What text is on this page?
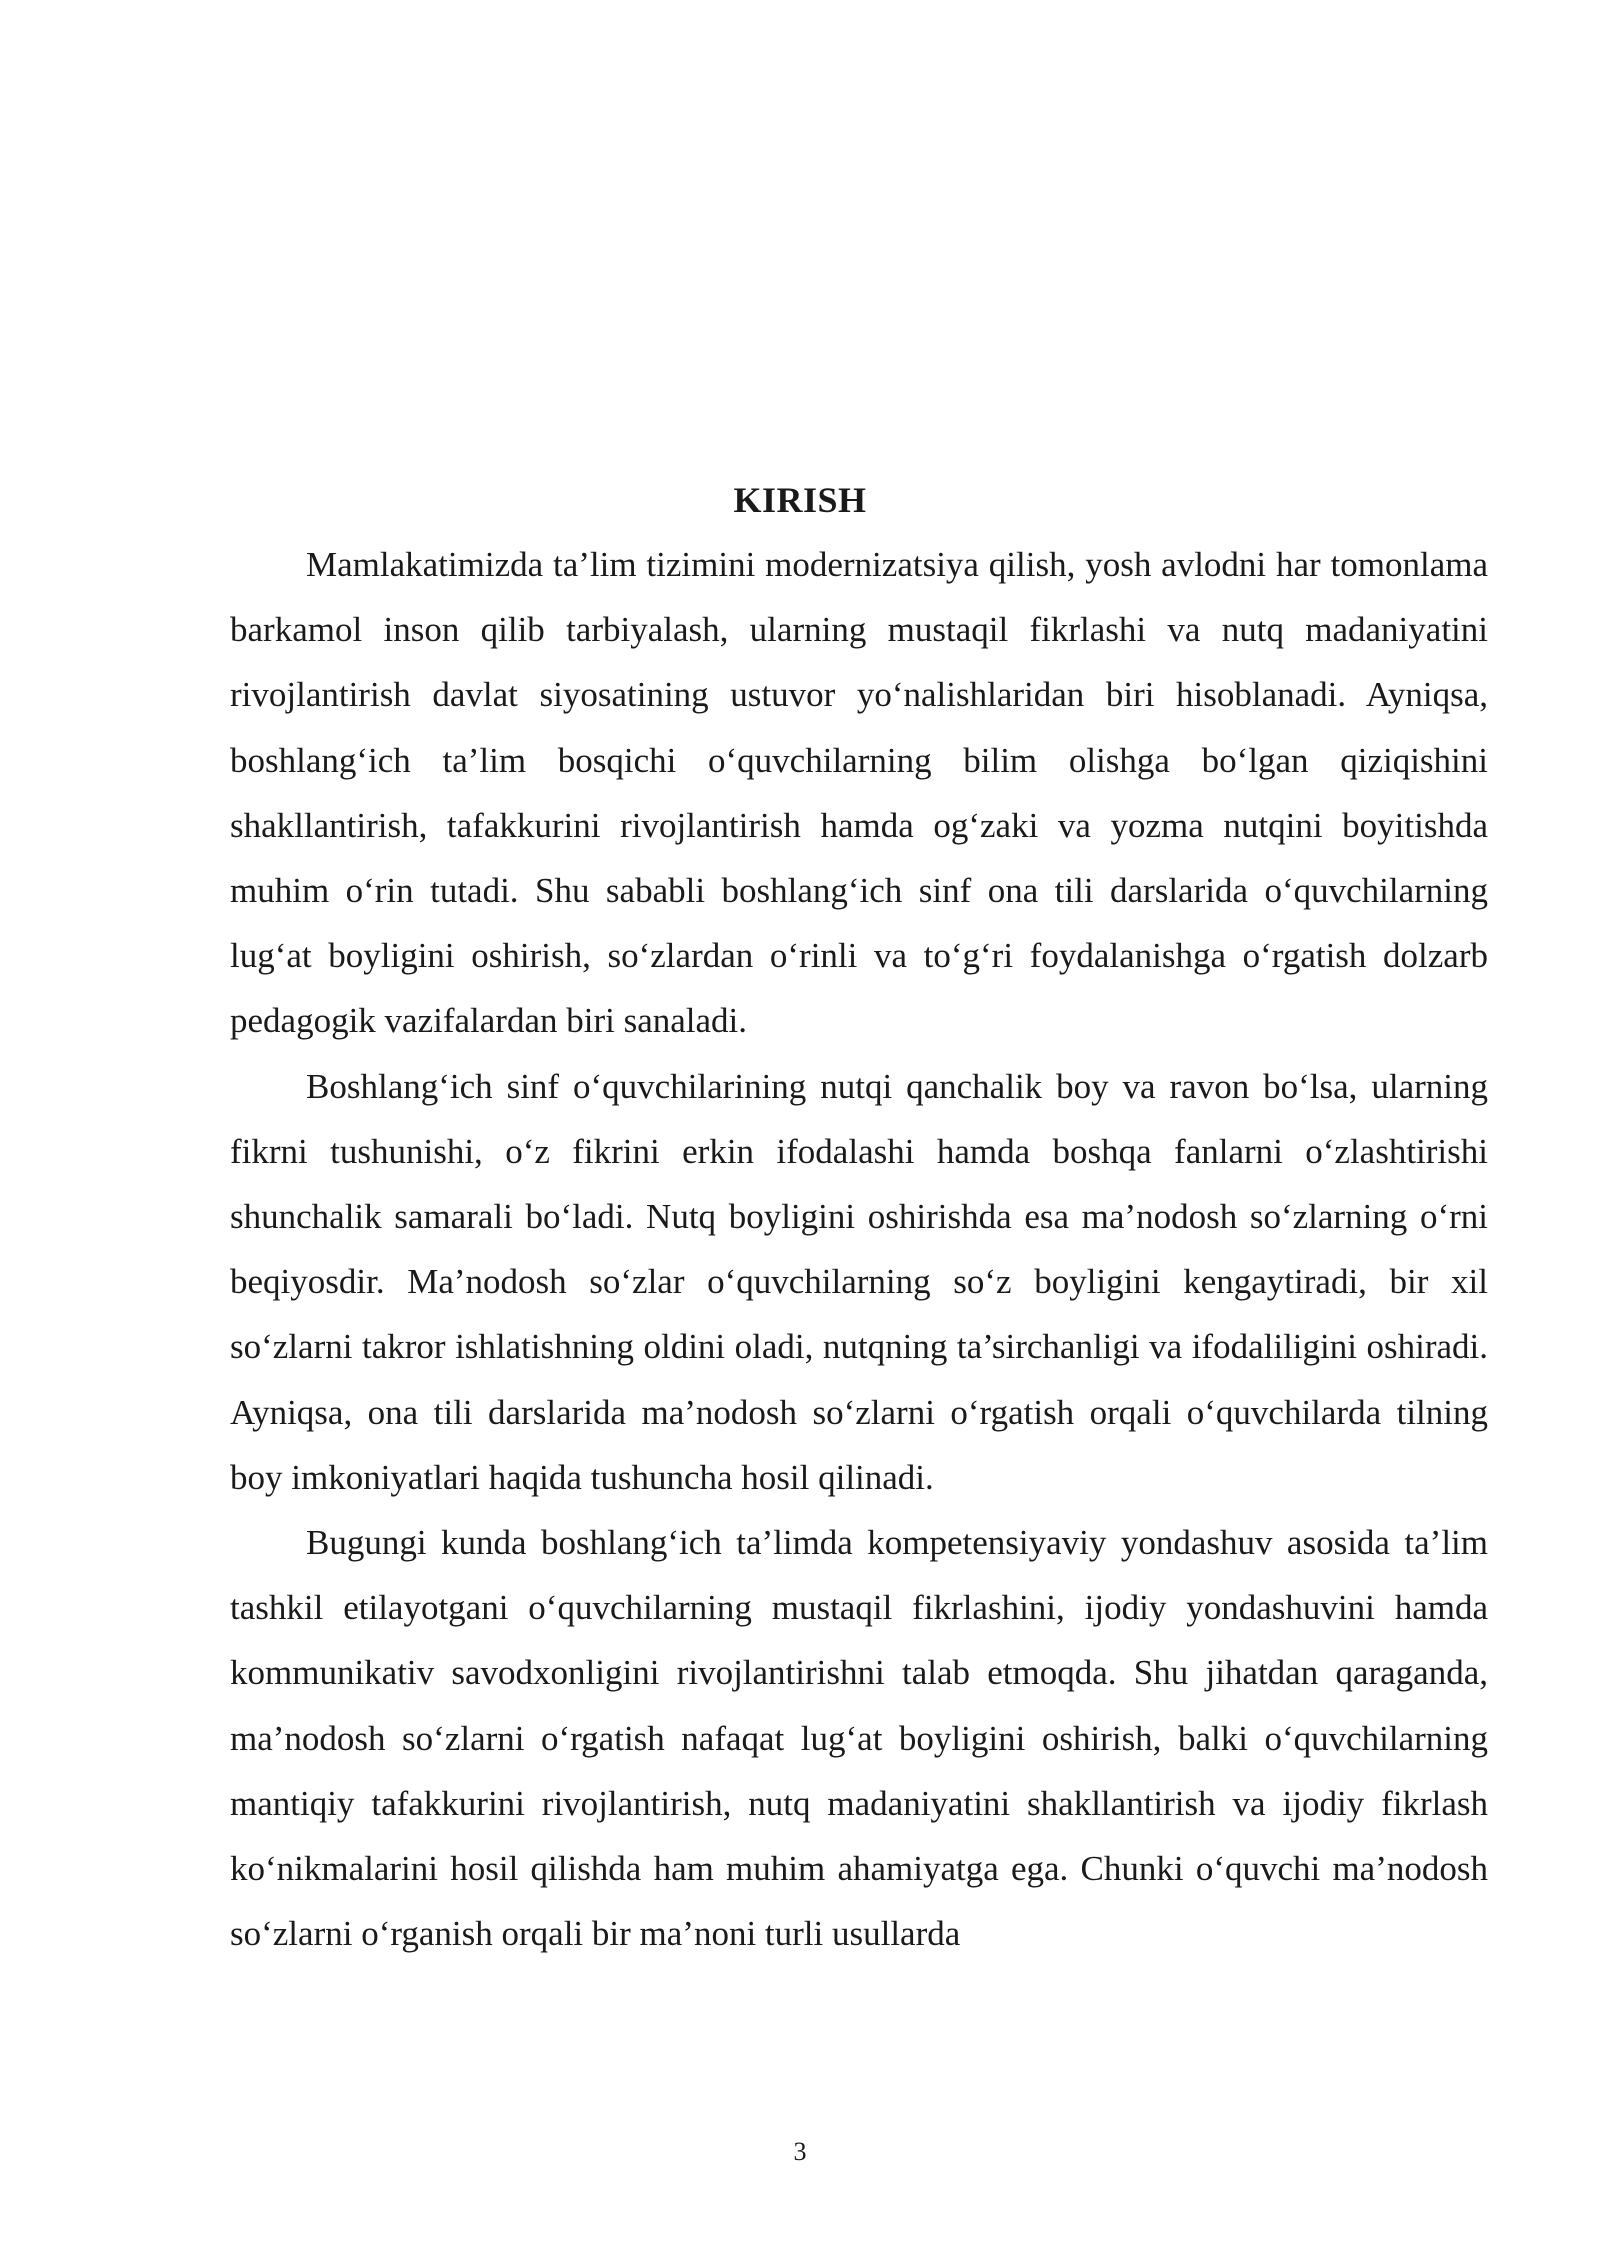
KIRISH

Mamlakatimizda ta’lim tizimini modernizatsiya qilish, yosh avlodni har tomonlama barkamol inson qilib tarbiyalash, ularning mustaqil fikrlashi va nutq madaniyatini rivojlantirish davlat siyosatining ustuvor yo‘nalishlaridan biri hisoblanadi. Ayniqsa, boshlang‘ich ta’lim bosqichi o‘quvchilarning bilim olishga bo‘lgan qiziqishini shakllantirish, tafakkurini rivojlantirish hamda og‘zaki va yozma nutqini boyitishda muhim o‘rin tutadi. Shu sababli boshlang‘ich sinf ona tili darslarida o‘quvchilarning lug‘at boyligini oshirish, so‘zlardan o‘rinli va to‘g‘ri foydalanishga o‘rgatish dolzarb pedagogik vazifalardan biri sanaladi.

Boshlang‘ich sinf o‘quvchilarining nutqi qanchalik boy va ravon bo‘lsa, ularning fikrni tushunishi, o‘z fikrini erkin ifodalashi hamda boshqa fanlarni o‘zlashtirishi shunchalik samarali bo‘ladi. Nutq boyligini oshirishda esa ma’nodosh so‘zlarning o‘rni beqiyosdir. Ma’nodosh so‘zlar o‘quvchilarning so‘z boyligini kengaytiradi, bir xil so‘zlarni takror ishlatishning oldini oladi, nutqning ta’sirchanligi va ifodaliligini oshiradi. Ayniqsa, ona tili darslarida ma’nodosh so‘zlarni o‘rgatish orqali o‘quvchilarda tilning boy imkoniyatlari haqida tushuncha hosil qilinadi.

Bugungi kunda boshlang‘ich ta’limda kompetensiyaviy yondashuv asosida ta’lim tashkil etilayotgani o‘quvchilarning mustaqil fikrlashini, ijodiy yondashuvini hamda kommunikativ savodxonligini rivojlantirishni talab etmoqda. Shu jihatdan qaraganda, ma’nodosh so‘zlarni o‘rgatish nafaqat lug‘at boyligini oshirish, balki o‘quvchilarning mantiqiy tafakkurini rivojlantirish, nutq madaniyatini shakllantirish va ijodiy fikrlash ko‘nikmalarini hosil qilishda ham muhim ahamiyatga ega. Chunki o‘quvchi ma’nodosh so‘zlarni o‘rganish orqali bir ma’noni turli usullarda

3
